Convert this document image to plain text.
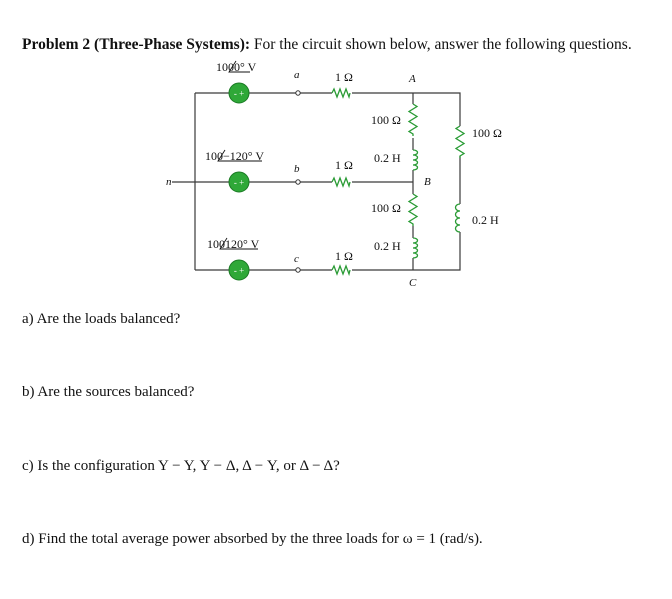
Problem 2 (Three-Phase Systems): For the circuit shown below, answer the following questions.
- +
- +
- +
100 0° V
100 −120° V
100 120° V
1 Ω
1 Ω
1 Ω
100 Ω
0.2 H
100 Ω
0.2 H
100 Ω
0.2 H
n
a
b
c
A
B
C
a) Are the loads balanced?
b) Are the sources balanced?
c) Is the configuration Y − Y, Y − Δ, Δ − Y, or Δ − Δ?
d) Find the total average power absorbed by the three loads for ω = 1 (rad/s).
